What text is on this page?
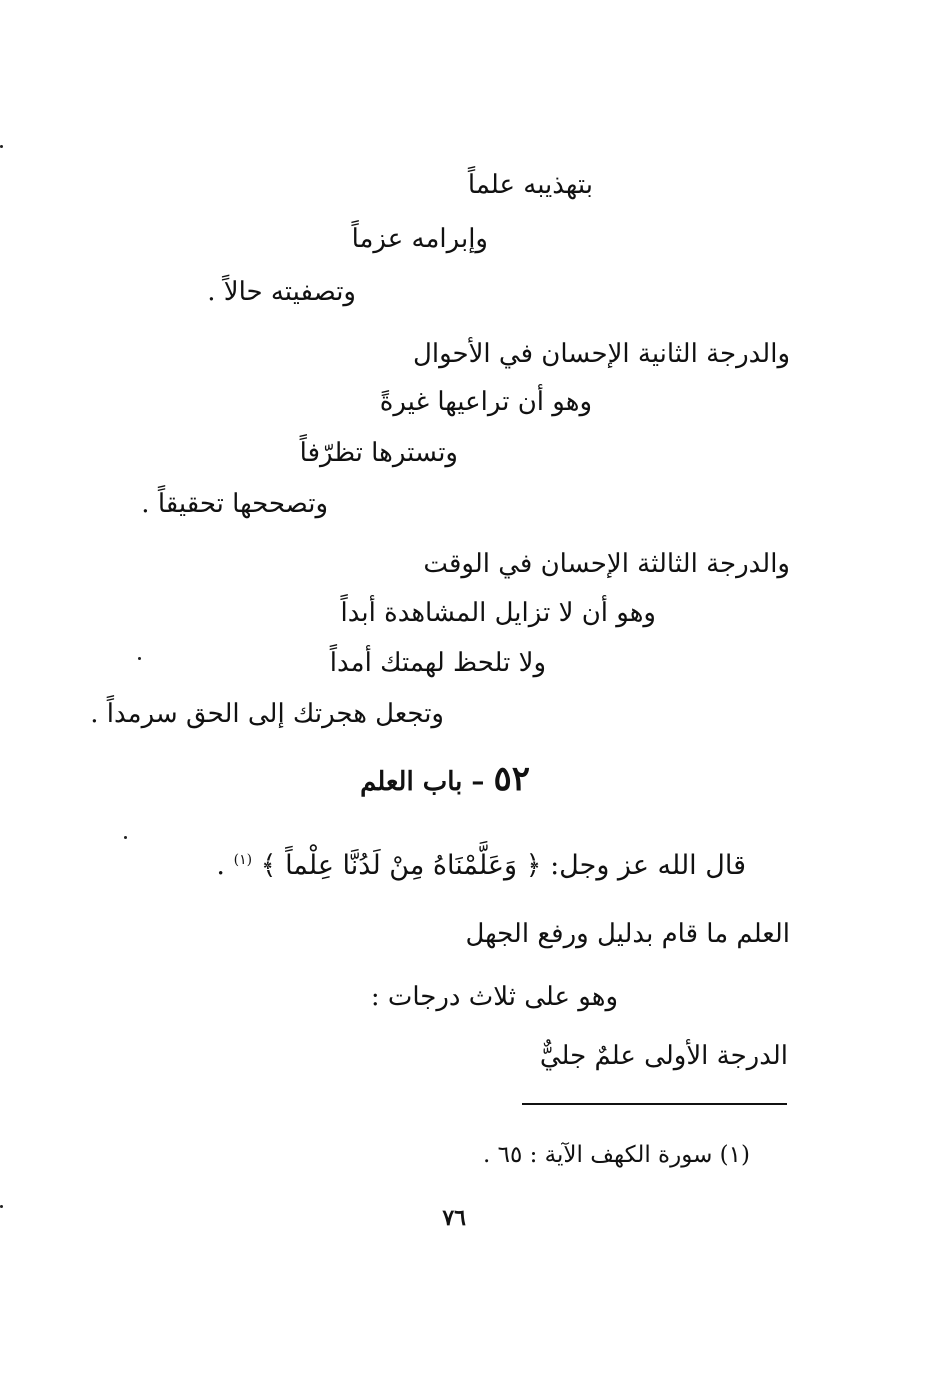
بتهذيبه علماً
وإبرامه عزماً
وتصفيته حالاً .
والدرجة الثانية الإحسان في الأحوال
وهو أن تراعيها غيرةً
وتسترها تظرّفاً
وتصححها تحقيقاً .
والدرجة الثالثة الإحسان في الوقت
وهو أن لا تزايل المشاهدة أبداً
ولا تلحظ لهمتك أمداً
وتجعل هجرتك إلى الحق سرمداً .
٥٢ – باب العلم
قال الله عز وجل: ﴿ وَعَلَّمْنَاهُ مِنْ لَدُنَّا عِلْماً ﴾ $^{(١)}$ .
العلم ما قام بدليل ورفع الجهل
وهو على ثلاث درجات :
الدرجة الأولى علمٌ جليٌّ
(١) سورة الكهف الآية : ٦٥ .
٧٦
